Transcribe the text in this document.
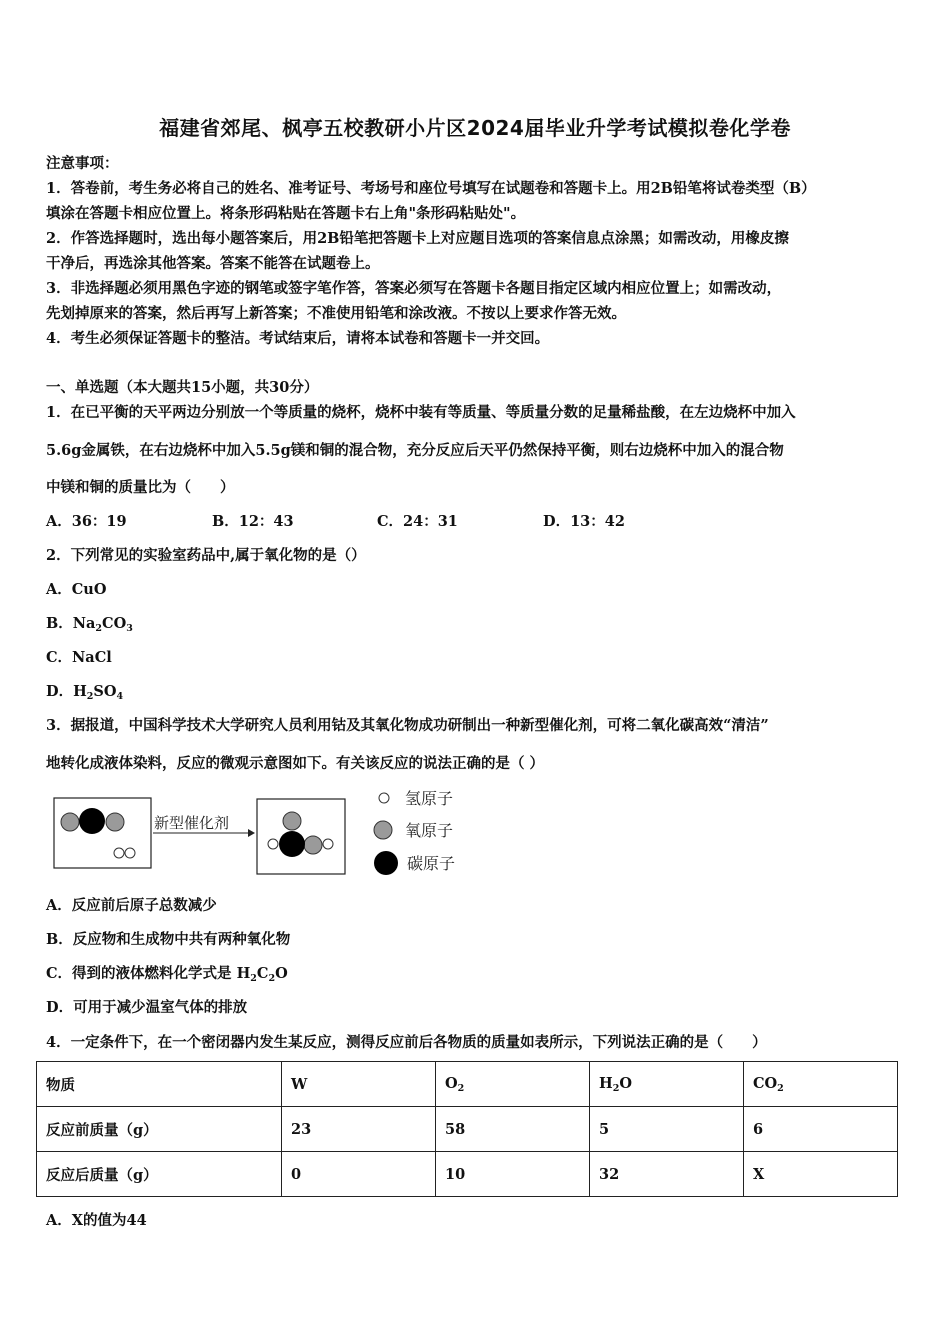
福建省郊尾、枫亭五校教研小片区2024届毕业升学考试模拟卷化学卷
注意事项：
1．答卷前，考生务必将自己的姓名、准考证号、考场号和座位号填写在试题卷和答题卡上。用2B铅笔将试卷类型（B）
填涂在答题卡相应位置上。将条形码粘贴在答题卡右上角"条形码粘贴处"。
2．作答选择题时，选出每小题答案后，用2B铅笔把答题卡上对应题目选项的答案信息点涂黑；如需改动，用橡皮擦
干净后，再选涂其他答案。答案不能答在试题卷上。
3．非选择题必须用黑色字迹的钢笔或签字笔作答，答案必须写在答题卡各题目指定区域内相应位置上；如需改动，
先划掉原来的答案，然后再写上新答案；不准使用铅笔和涂改液。不按以上要求作答无效。
4．考生必须保证答题卡的整洁。考试结束后，请将本试卷和答题卡一并交回。
一、单选题（本大题共15小题，共30分）
1．在已平衡的天平两边分别放一个等质量的烧杯，烧杯中装有等质量、等质量分数的足量稀盐酸，在左边烧杯中加入
5.6g金属铁，在右边烧杯中加入5.5g镁和铜的混合物，充分反应后天平仍然保持平衡，则右边烧杯中加入的混合物
中镁和铜的质量比为（　　）
A．36：19	B．12：43	C．24：31	D．13：42
2．下列常见的实验室药品中,属于氧化物的是（）
A．CuO
B．$Na_2CO_3$
C．NaCl
D．$H_2SO_4$
3．据报道，中国科学技术大学研究人员利用钴及其氧化物成功研制出一种新型催化剂，可将二氧化碳高效“清洁”
地转化成液体染料，反应的微观示意图如下。有关该反应的说法正确的是（ ）
新型催化剂
氢原子
氧原子
碳原子
A．反应前后原子总数减少
B．反应物和生成物中共有两种氧化物
C．得到的液体燃料化学式是 $H_2C_2O$
D．可用于减少温室气体的排放
4．一定条件下，在一个密闭器内发生某反应，测得反应前后各物质的质量如表所示，下列说法正确的是（　　）
物质	W	$O_2$	$H_2O$	$CO_2$
反应前质量（g）	23	58	5	6
反应后质量（g）	0	10	32	X
A．X的值为44
